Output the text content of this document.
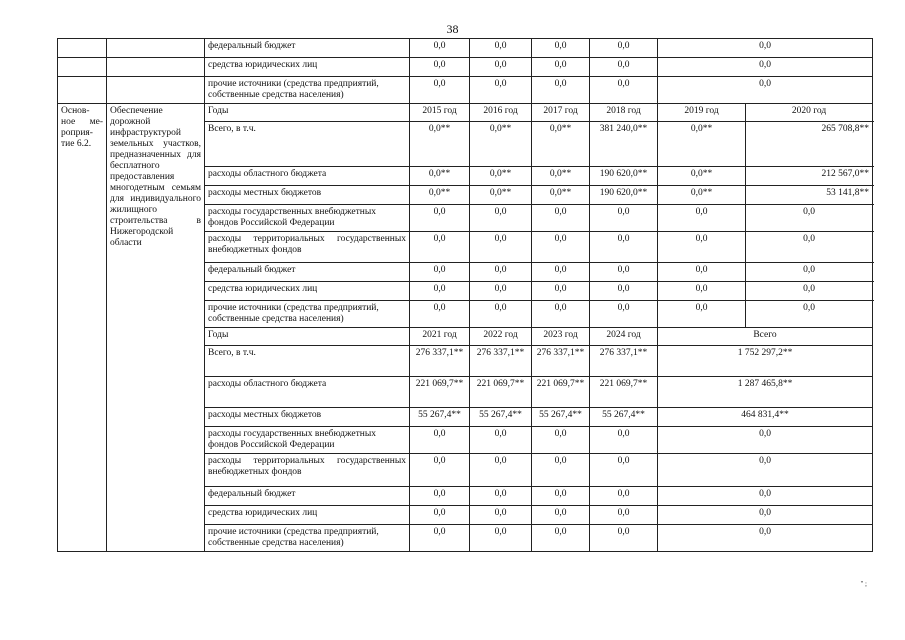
38
		федеральный бюджет	0,0	0,0	0,0	0,0	0,0	
		средства юридических лиц	0,0	0,0	0,0	0,0	0,0	
		прочие источники (средства предприятий, собственные средства населения)	0,0	0,0	0,0	0,0	0,0	
Основ-ное ме-роприя-тие 6.2.	Обеспечение дорожной инфраструктурой земельных участков, предназначенных для бесплатного предоставления многодетным семьям для индивидуального жилищного строительства в Нижегородской области	Годы	2015 год	2016 год	2017 год	2018 год	2019 год	2020 год
		Всего, в т.ч.	0,0**	0,0**	0,0**	381 240,0**	0,0**	265 708,8**
		расходы областного бюджета	0,0**	0,0**	0,0**	190 620,0**	0,0**	212 567,0**
		расходы местных бюджетов	0,0**	0,0**	0,0**	190 620,0**	0,0**	53 141,8**
		расходы государственных внебюджетных фондов Российской Федерации	0,0	0,0	0,0	0,0	0,0	0,0
		расходы территориальных государственных внебюджетных фондов	0,0	0,0	0,0	0,0	0,0	0,0
		федеральный бюджет	0,0	0,0	0,0	0,0	0,0	0,0
		средства юридических лиц	0,0	0,0	0,0	0,0	0,0	0,0
		прочие источники (средства предприятий, собственные средства населения)	0,0	0,0	0,0	0,0	0,0	0,0
		Годы	2021 год	2022 год	2023 год	2024 год	Всего	
		Всего, в т.ч.	276 337,1**	276 337,1**	276 337,1**	276 337,1**	1 752 297,2**	
		расходы областного бюджета	221 069,7**	221 069,7**	221 069,7**	221 069,7**	1 287 465,8**	
		расходы местных бюджетов	55 267,4**	55 267,4**	55 267,4**	55 267,4**	464 831,4**	
		расходы государственных внебюджетных фондов Российской Федерации	0,0	0,0	0,0	0,0	0,0	
		расходы территориальных государственных внебюджетных фондов	0,0	0,0	0,0	0,0	0,0	
		федеральный бюджет	0,0	0,0	0,0	0,0	0,0	
		средства юридических лиц	0,0	0,0	0,0	0,0	0,0	
		прочие источники (средства предприятий, собственные средства населения)	0,0	0,0	0,0	0,0	0,0	
" ;
